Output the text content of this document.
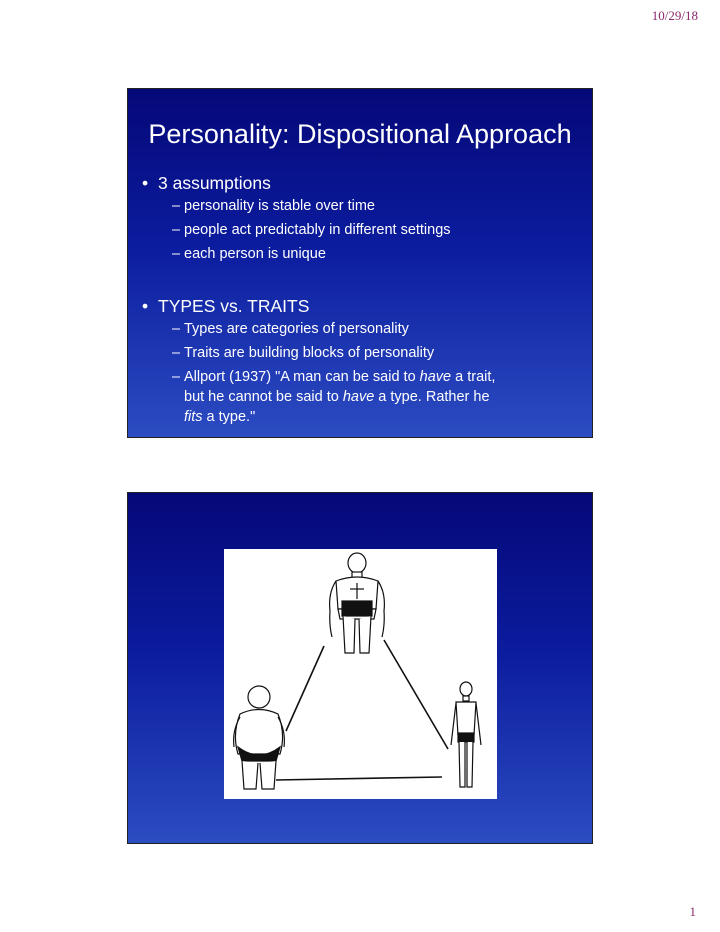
10/29/18
Personality: Dispositional Approach
• 3 assumptions
– personality is stable over time
– people act predictably in different settings
– each person is unique
• TYPES vs. TRAITS
– Types are categories of personality
– Traits are building blocks of personality
– Allport (1937) "A man can be said to have a trait,
but he cannot be said to have a type. Rather he
fits a type."
1
